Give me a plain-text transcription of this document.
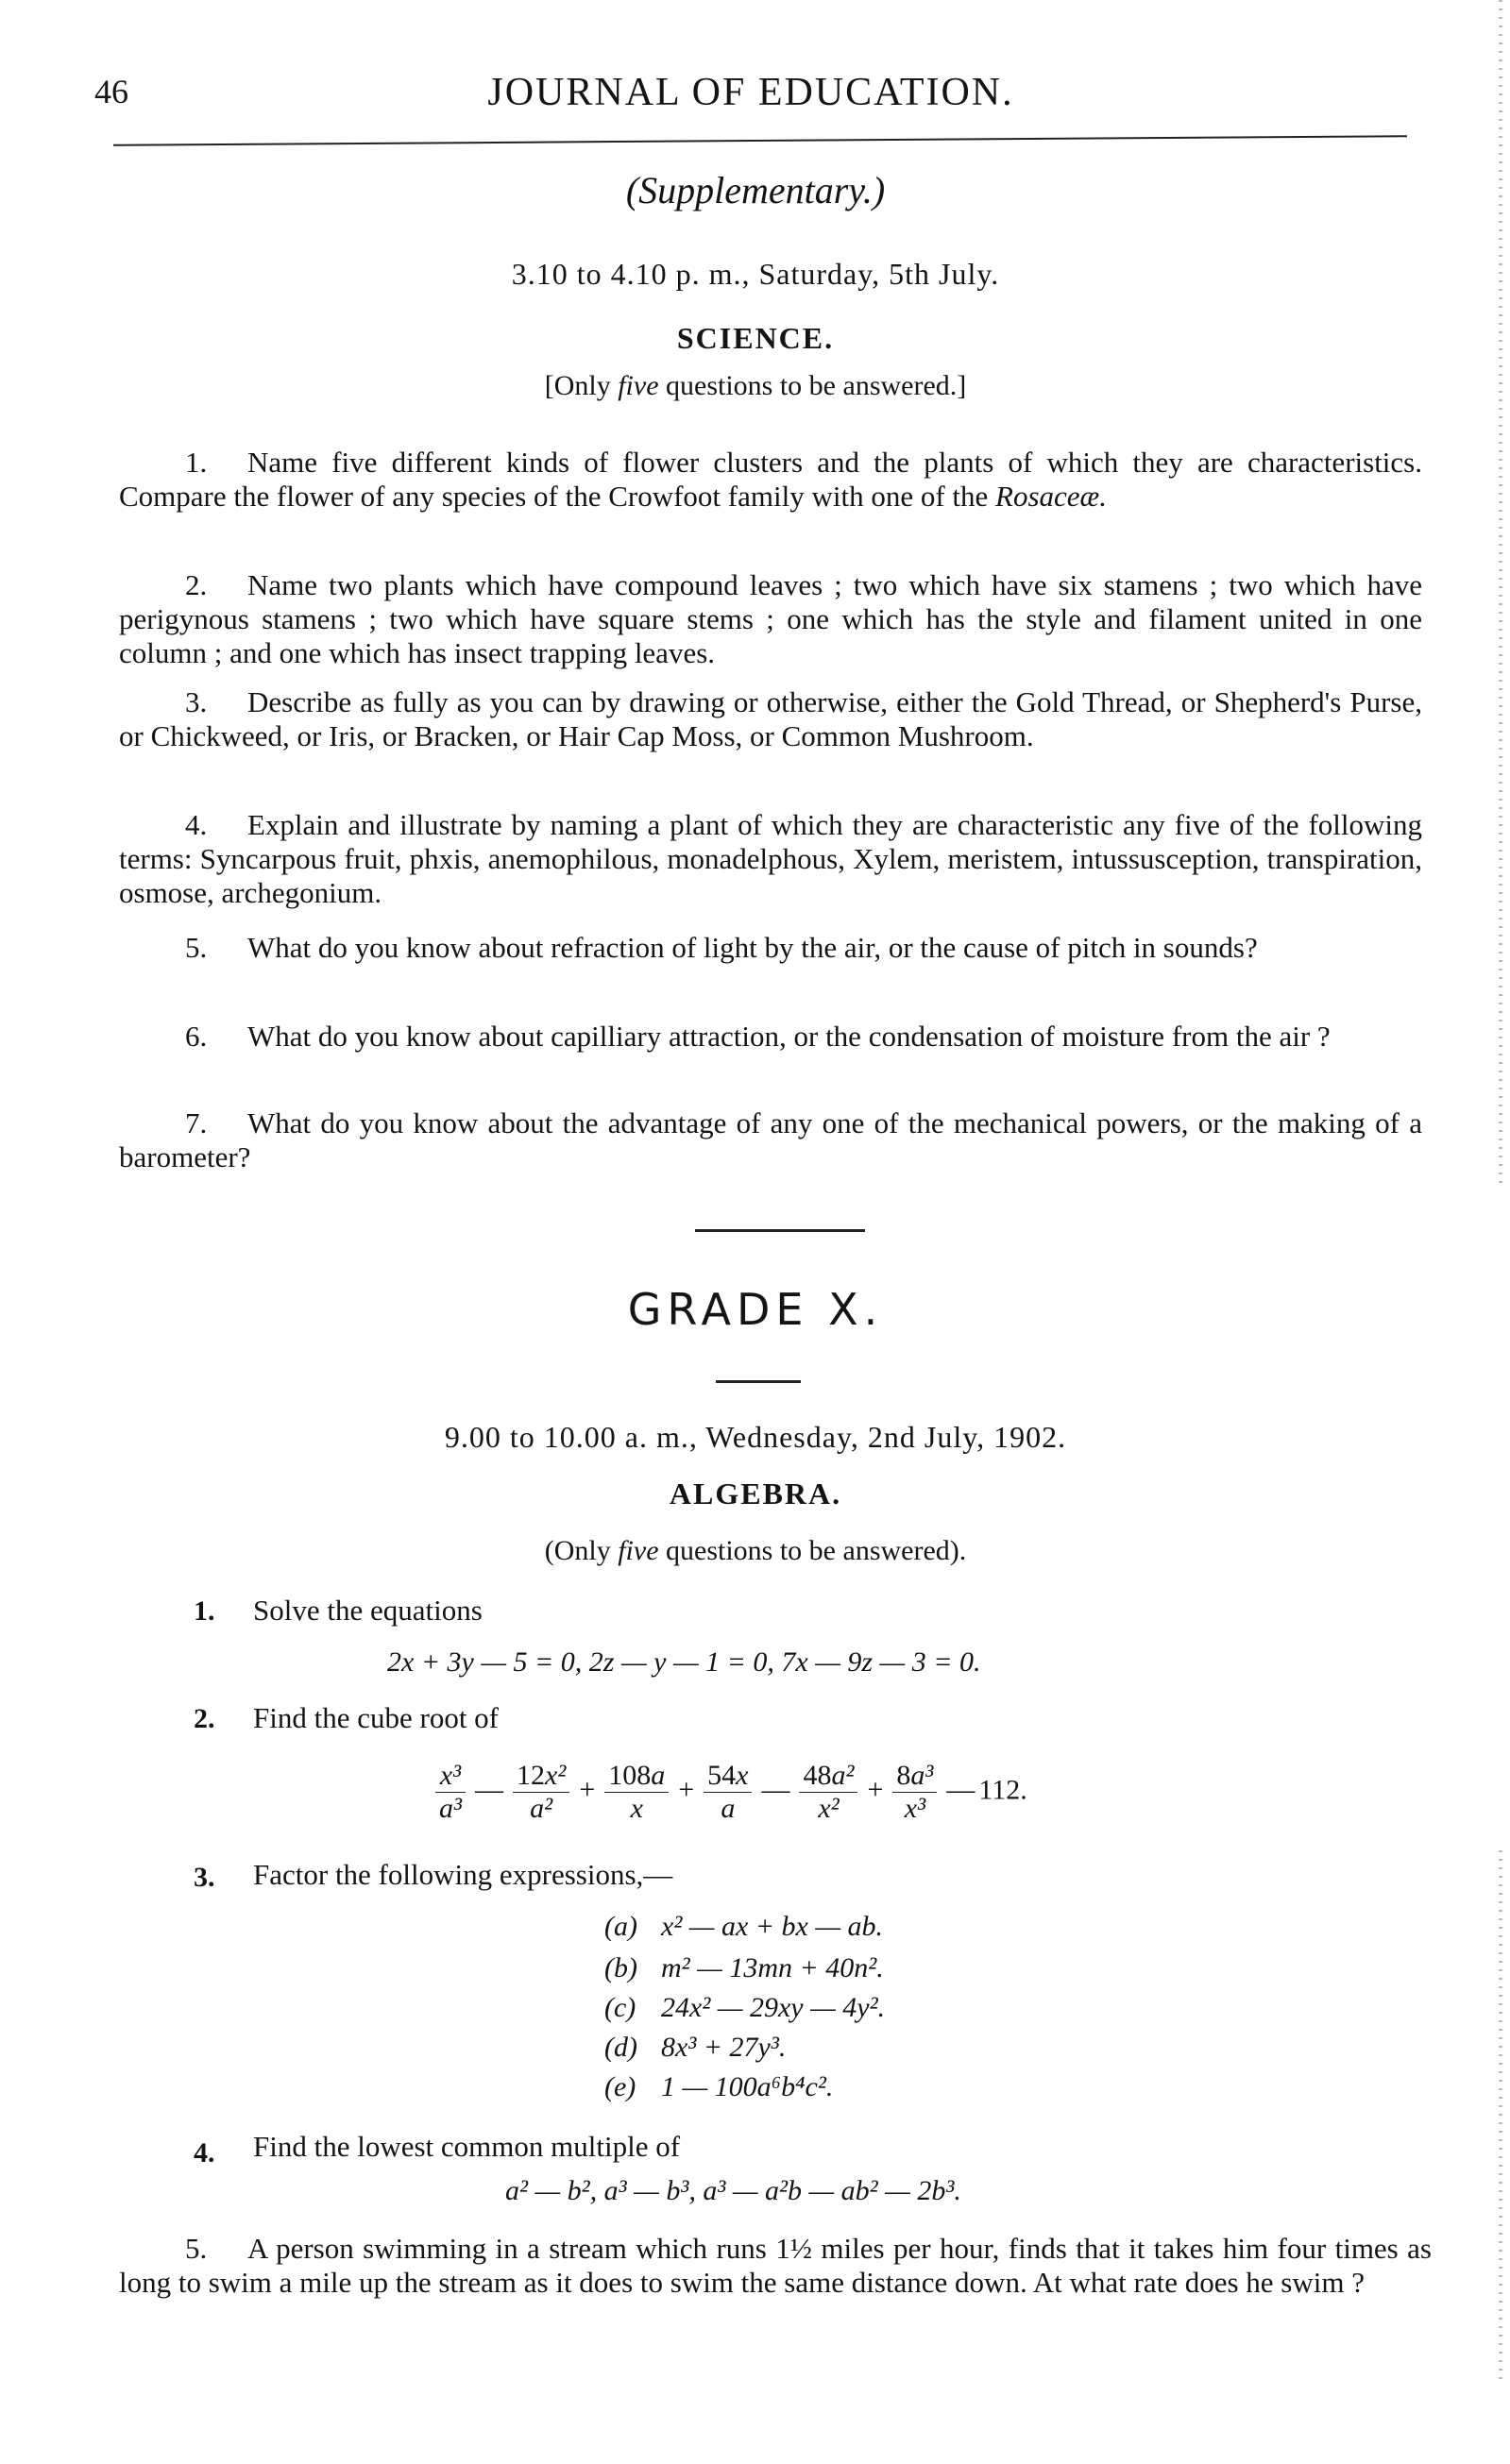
46	JOURNAL OF EDUCATION.
(Supplementary.)
3.10 to 4.10 p. m., Saturday, 5th July.
SCIENCE.
[Only five questions to be answered.]
1. Name five different kinds of flower clusters and the plants of which they are characteristics. Compare the flower of any species of the Crowfoot family with one of the Rosaceæ.
2. Name two plants which have compound leaves ; two which have six stamens ; two which have perigynous stamens ; two which have square stems ; one which has the style and filament united in one column ; and one which has insect trapping leaves.
3. Describe as fully as you can by drawing or otherwise, either the Gold Thread, or Shepherd's Purse, or Chickweed, or Iris, or Bracken, or Hair Cap Moss, or Common Mushroom.
4. Explain and illustrate by naming a plant of which they are characteristic any five of the following terms: Syncarpous fruit, phxis, anemophilous, monadelphous, Xylem, meristem, intussusception, transpiration, osmose, archegonium.
5. What do you know about refraction of light by the air, or the cause of pitch in sounds?
6. What do you know about capilliary attraction, or the condensation of moisture from the air ?
7. What do you know about the advantage of any one of the mechanical powers, or the making of a barometer?
GRADE X.
9.00 to 10.00 a. m., Wednesday, 2nd July, 1902.
ALGEBRA.
(Only five questions to be answered).
1. Solve the equations
2x + 3y — 5 = 0, 2z — y — 1 = 0, 7x — 9z — 3 = 0.
2. Find the cube root of
$\frac{\text{x³}}{\text{a³}}$ — $\frac{\text{12x²}}{\text{a²}} + \frac{108a}{x} + \frac{54x}{a}$ — $\frac{\text{48a²}}{\text{x²}} + \frac{\text{8a³}}{\text{x³}}$ — 112.
3. Factor the following expressions,—
(a) x² — ax + bx — ab.
(b) m² — 13mn + 40n².
(c) 24x² — 29xy — 4y².
(d) 8x³ + 27y³.
(e) 1 — 100a⁶b⁴c².
4. Find the lowest common multiple of
a² — b², a³ — b³, a³ — a²b — ab² — 2b³.
5. A person swimming in a stream which runs 1½ miles per hour, finds that it takes him four times as long to swim a mile up the stream as it does to swim the same distance down. At what rate does he swim ?
